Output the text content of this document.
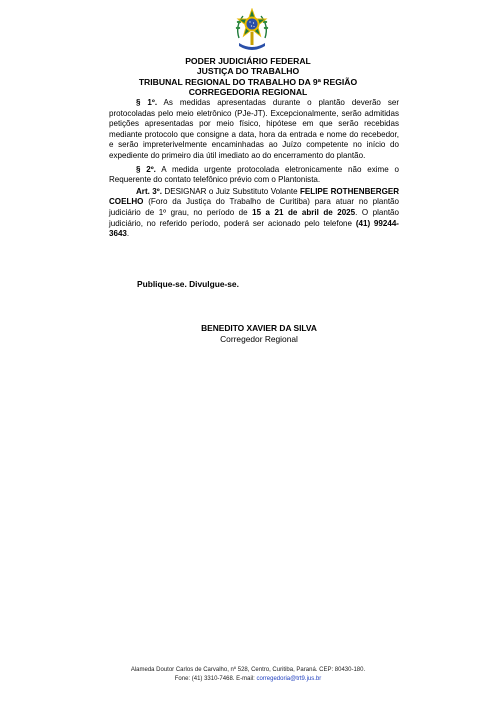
PODER JUDICIÁRIO FEDERAL
JUSTIÇA DO TRABALHO
TRIBUNAL REGIONAL DO TRABALHO DA 9ª REGIÃO
CORREGEDORIA REGIONAL

§ 1º. As medidas apresentadas durante o plantão deverão ser protocoladas pelo meio eletrônico (PJe-JT). Excepcionalmente, serão admitidas petições apresentadas por meio físico, hipótese em que serão recebidas mediante protocolo que consigne a data, hora da entrada e nome do recebedor, e serão impreterivelmente encaminhadas ao Juízo competente no início do expediente do primeiro dia útil imediato ao do encerramento do plantão.

§ 2º. A medida urgente protocolada eletronicamente não exime o Requerente do contato telefônico prévio com o Plantonista.

Art. 3º. DESIGNAR o Juiz Substituto Volante FELIPE ROTHENBERGER COELHO (Foro da Justiça do Trabalho de Curitiba) para atuar no plantão judiciário de 1º grau, no período de 15 a 21 de abril de 2025. O plantão judiciário, no referido período, poderá ser acionado pelo telefone (41) 99244-3643.

Publique-se. Divulgue-se.
BENEDITO XAVIER DA SILVA
Corregedor Regional
Alameda Doutor Carlos de Carvalho, nº 528, Centro, Curitiba, Paraná. CEP: 80430-180.
Fone: (41) 3310-7468. E-mail: corregedoria@trt9.jus.br
